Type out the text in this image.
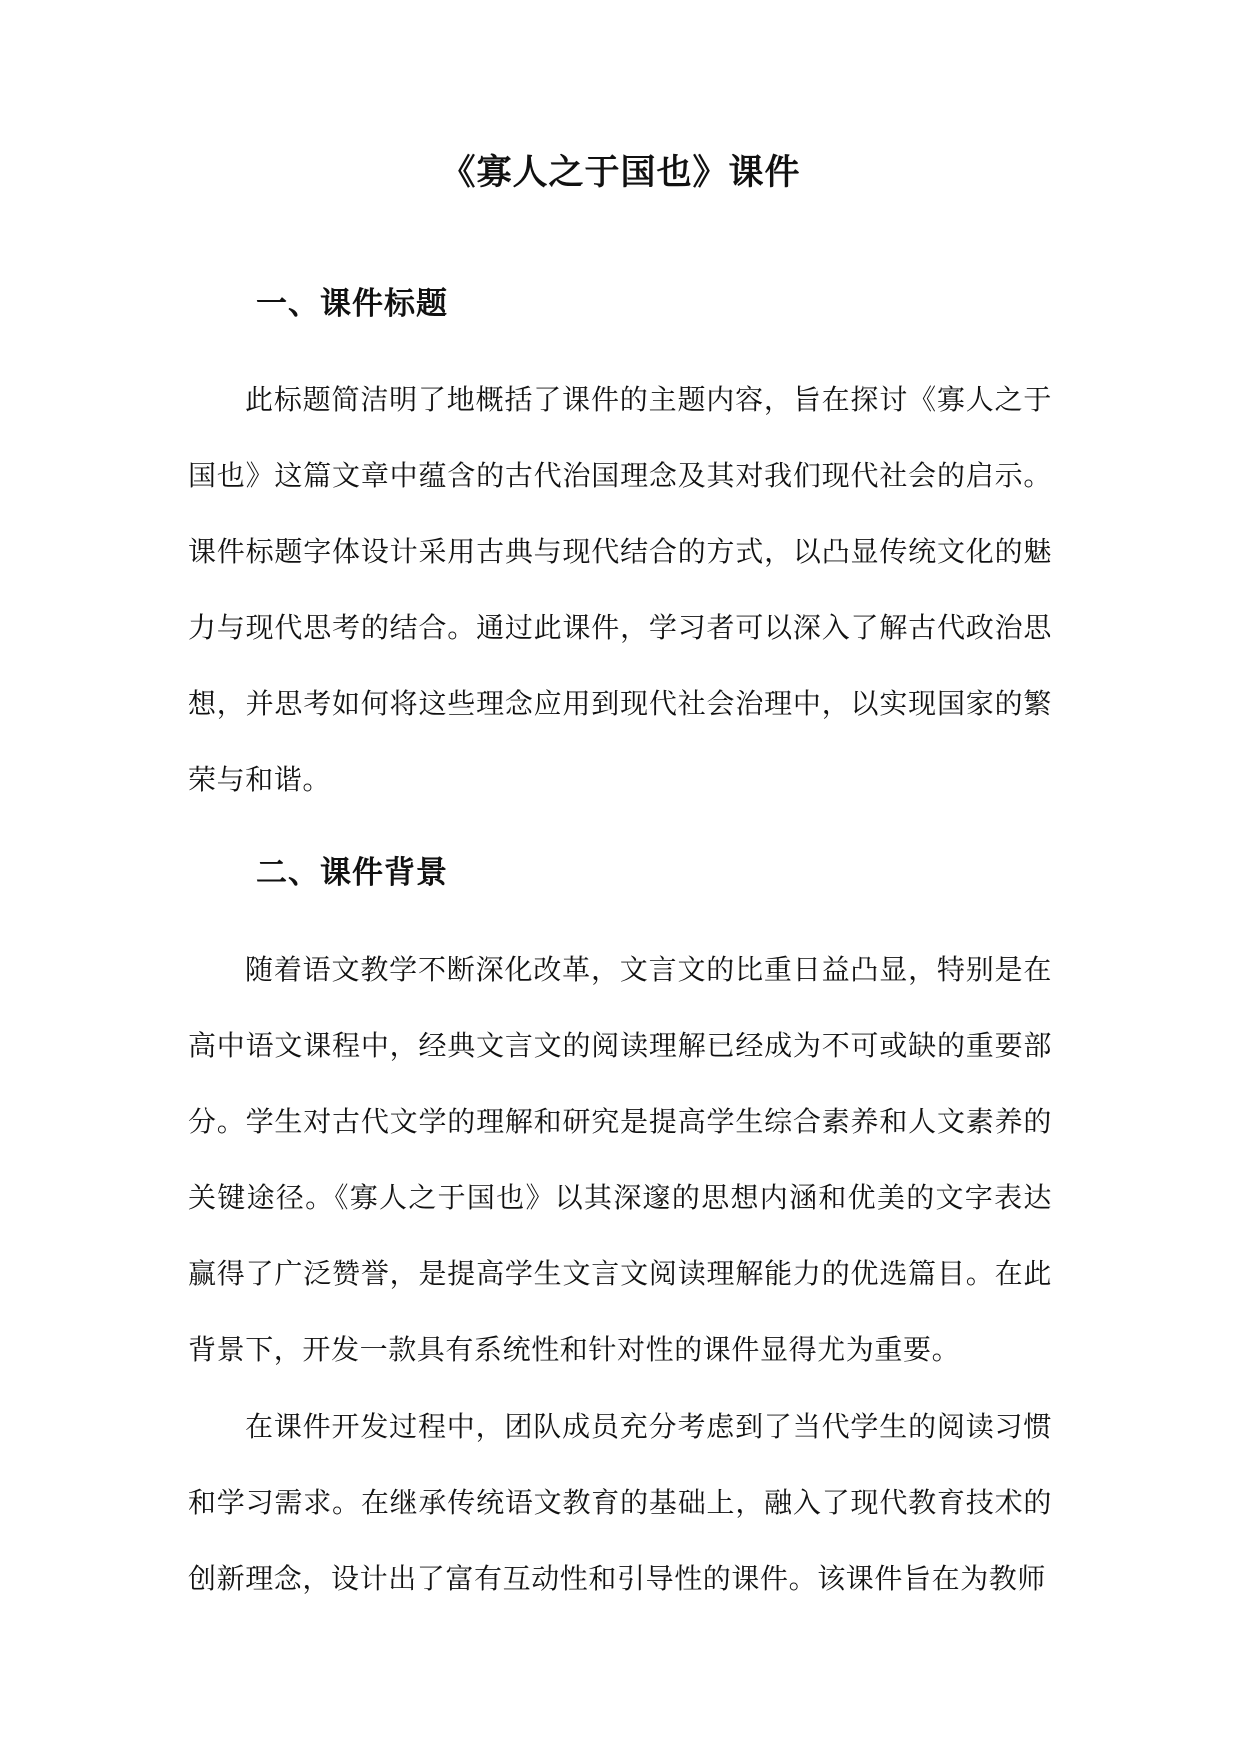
《寡人之于国也》课件
一、课件标题

此标题简洁明了地概括了课件的主题内容，旨在探讨《寡人之于国也》这篇文章中蕴含的古代治国理念及其对我们现代社会的启示。课件标题字体设计采用古典与现代结合的方式，以凸显传统文化的魅力与现代思考的结合。通过此课件，学习者可以深入了解古代政治思想，并思考如何将这些理念应用到现代社会治理中，以实现国家的繁荣与和谐。

二、课件背景

随着语文教学不断深化改革，文言文的比重日益凸显，特别是在高中语文课程中，经典文言文的阅读理解已经成为不可或缺的重要部分。学生对古代文学的理解和研究是提高学生综合素养和人文素养的关键途径。《寡人之于国也》以其深邃的思想内涵和优美的文字表达赢得了广泛赞誉，是提高学生文言文阅读理解能力的优选篇目。在此背景下，开发一款具有系统性和针对性的课件显得尤为重要。

在课件开发过程中，团队成员充分考虑到了当代学生的阅读习惯和学习需求。在继承传统语文教育的基础上，融入了现代教育技术的创新理念，设计出了富有互动性和引导性的课件。该课件旨在为教师
